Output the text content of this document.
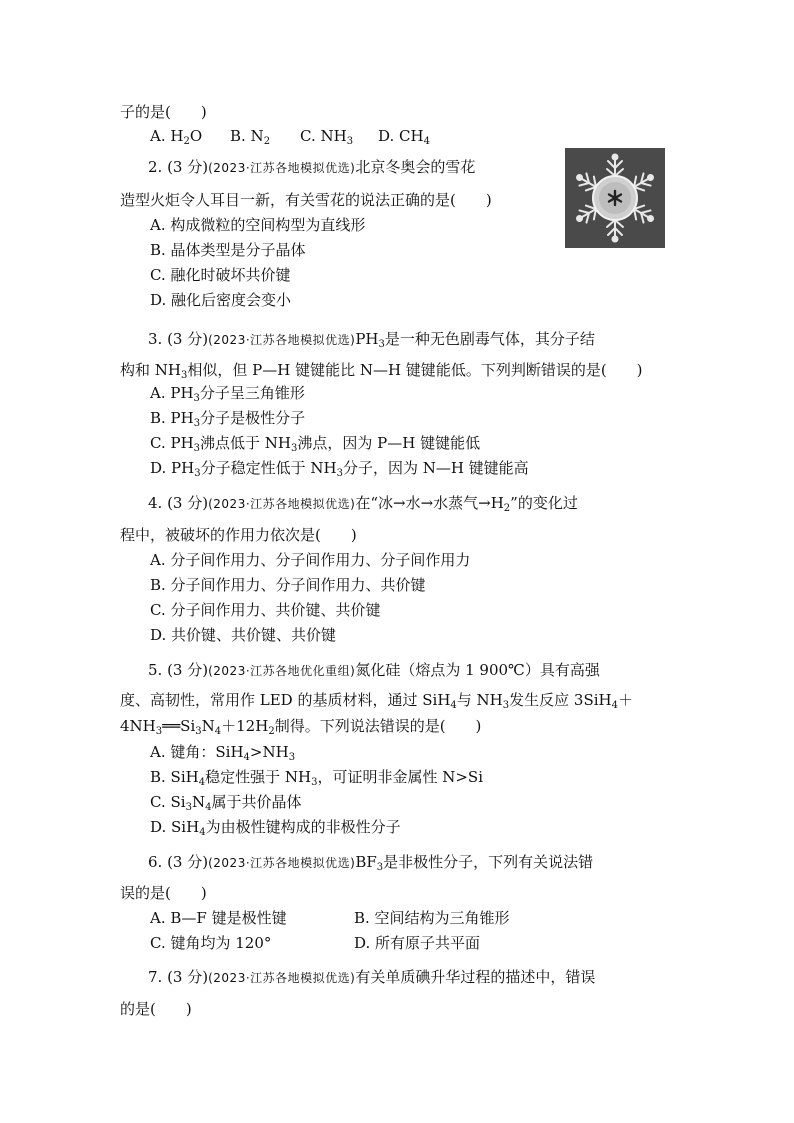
子的是(　　)
A. $H_2O$ B. $N_2$ C. $NH_3$ D. $CH_4$
2. (3 分)(2023·江苏各地模拟优选)北京冬奥会的雪花
造型火炬令人耳目一新，有关雪花的说法正确的是(　　)
A. 构成微粒的空间构型为直线形
B. 晶体类型是分子晶体
C. 融化时破坏共价键
D. 融化后密度会变小
3. (3 分)(2023·江苏各地模拟优选)$PH_3$是一种无色剧毒气体，其分子结
构和 $NH_3$相似，但 P—H 键键能比 N—H 键键能低。下列判断错误的是(　　)
A. $PH_3$分子呈三角锥形
B. $PH_3$分子是极性分子
C. $PH_3$沸点低于 $NH_3$沸点，因为 P—H 键键能低
D. $PH_3$分子稳定性低于 $NH_3$分子，因为 N—H 键键能高
4. (3 分)(2023·江苏各地模拟优选)在“冰→水→水蒸气$\to H_2$”的变化过
程中，被破坏的作用力依次是(　　)
A. 分子间作用力、分子间作用力、分子间作用力
B. 分子间作用力、分子间作用力、共价键
C. 分子间作用力、共价键、共价键
D. 共价键、共价键、共价键
5. (3 分)(2023·江苏各地优化重组)氮化硅（熔点为 1 900℃）具有高强
度、高韧性，常用作 LED 的基质材料，通过 SiH$_4$与 $NH_3$发生反应 3SiH$_4$＋
$4NH_3══Si_3N_4+12H_2$制得。下列说法错误的是(　　)
A. 键角：$SiH_4>NH_3$
B. SiH$_4$稳定性强于 $NH_3$，可证明非金属性 N>Si
C. $Si_3N_4$属于共价晶体
D. SiH$_4$为由极性键构成的非极性分子
6. (3 分)(2023·江苏各地模拟优选)$BF_3$是非极性分子，下列有关说法错
误的是(　　)
A. B—F 键是极性键	B. 空间结构为三角锥形
C. 键角均为 120°	D. 所有原子共平面
7. (3 分)(2023·江苏各地模拟优选)有关单质碘升华过程的描述中，错误
的是(　　)
